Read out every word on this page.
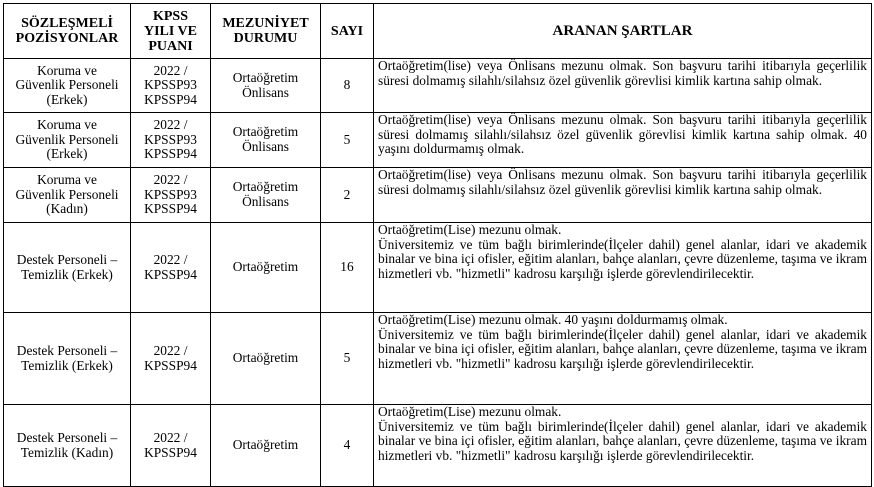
SÖZLEŞMELİ
POZİSYONLAR	KPSS
YILI VE
PUANI	MEZUNİYET
DURUMU	SAYI	ARANAN ŞARTLAR

Koruma ve
Güvenlik Personeli
(Erkek)	2022 /
KPSSP93
KPSSP94	Ortaöğretim
Önlisans	8	Ortaöğretim(lise) veya Önlisans mezunu olmak. Son başvuru tarihi itibarıyla geçerlilik süresi dolmamış silahlı/silahsız özel güvenlik görevlisi kimlik kartına sahip olmak.

Koruma ve
Güvenlik Personeli
(Erkek)	2022 /
KPSSP93
KPSSP94	Ortaöğretim
Önlisans	5	Ortaöğretim(lise) veya Önlisans mezunu olmak. Son başvuru tarihi itibarıyla geçerlilik süresi dolmamış silahlı/silahsız özel güvenlik görevlisi kimlik kartına sahip olmak. 40 yaşını doldurmamış olmak.

Koruma ve
Güvenlik Personeli
(Kadın)	2022 /
KPSSP93
KPSSP94	Ortaöğretim
Önlisans	2	Ortaöğretim(lise) veya Önlisans mezunu olmak. Son başvuru tarihi itibarıyla geçerlilik süresi dolmamış silahlı/silahsız özel güvenlik görevlisi kimlik kartına sahip olmak.

Destek Personeli –
Temizlik (Erkek)	2022 /
KPSSP94	Ortaöğretim	16	Ortaöğretim(Lise) mezunu olmak.
Üniversitemiz ve tüm bağlı birimlerinde(İlçeler dahil) genel alanlar, idari ve akademik binalar ve bina içi ofisler, eğitim alanları, bahçe alanları, çevre düzenleme, taşıma ve ikram hizmetleri vb. "hizmetli" kadrosu karşılığı işlerde görevlendirilecektir.

Destek Personeli –
Temizlik (Erkek)	2022 /
KPSSP94	Ortaöğretim	5	Ortaöğretim(Lise) mezunu olmak. 40 yaşını doldurmamış olmak.
Üniversitemiz ve tüm bağlı birimlerinde(İlçeler dahil) genel alanlar, idari ve akademik binalar ve bina içi ofisler, eğitim alanları, bahçe alanları, çevre düzenleme, taşıma ve ikram hizmetleri vb. "hizmetli" kadrosu karşılığı işlerde görevlendirilecektir.

Destek Personeli –
Temizlik (Kadın)	2022 /
KPSSP94	Ortaöğretim	4	Ortaöğretim(Lise) mezunu olmak.
Üniversitemiz ve tüm bağlı birimlerinde(İlçeler dahil) genel alanlar, idari ve akademik binalar ve bina içi ofisler, eğitim alanları, bahçe alanları, çevre düzenleme, taşıma ve ikram hizmetleri vb. "hizmetli" kadrosu karşılığı işlerde görevlendirilecektir.
